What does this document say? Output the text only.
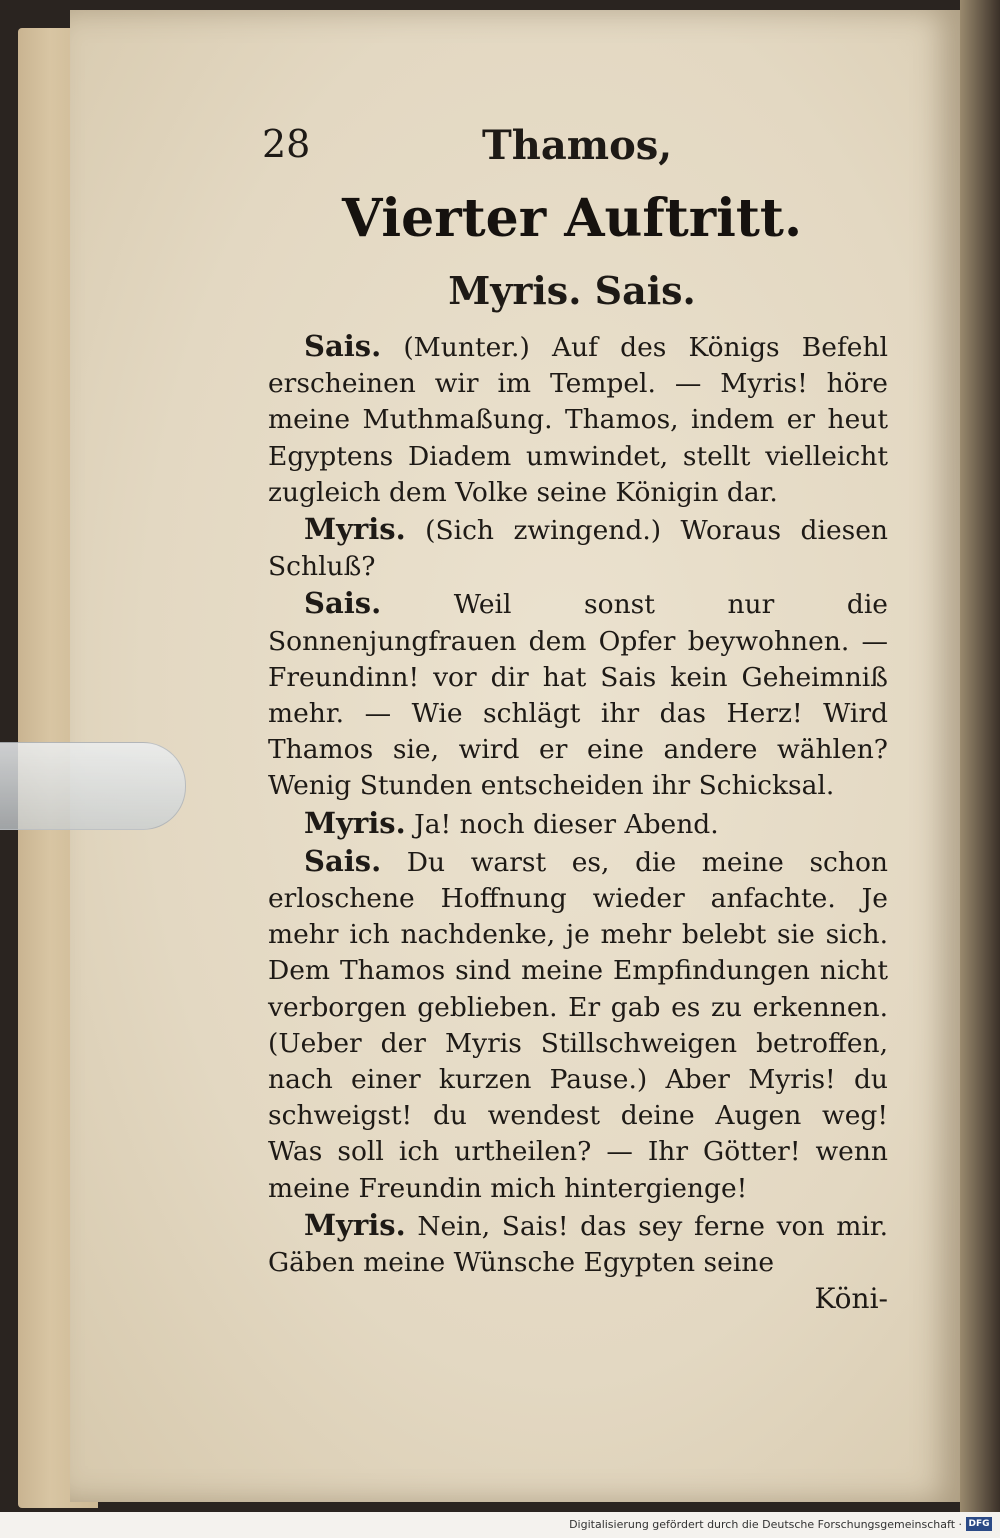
28	Thamos,
Vierter Auftritt.
Myris. Sais.

Sais. (Munter.) Auf des Königs Befehl erscheinen wir im Tempel. — Myris! höre meine Muthmaßung. Thamos, indem er heut Egyptens Diadem umwindet, stellt vielleicht zugleich dem Volke seine Königin dar.

Myris. (Sich zwingend.) Woraus diesen Schluß?

Sais. Weil sonst nur die Sonnenjungfrauen dem Opfer beywohnen. — Freundinn! vor dir hat Sais kein Geheimniß mehr. — Wie schlägt ihr das Herz! Wird Thamos sie, wird er eine andere wählen? Wenig Stunden entscheiden ihr Schicksal.

Myris. Ja! noch dieser Abend.

Sais. Du warst es, die meine schon erloschene Hoffnung wieder anfachte. Je mehr ich nachdenke, je mehr belebt sie sich. Dem Thamos sind meine Empfindungen nicht verborgen geblieben. Er gab es zu erkennen. (Ueber der Myris Stillschweigen betroffen, nach einer kurzen Pause.) Aber Myris! du schweigst! du wendest deine Augen weg! Was soll ich urtheilen? — Ihr Götter! wenn meine Freundin mich hintergienge!

Myris. Nein, Sais! das sey ferne von mir. Gäben meine Wünsche Egypten seine

Köni-
Digitalisierung gefördert durch die Deutsche Forschungsgemeinschaft · DFG
